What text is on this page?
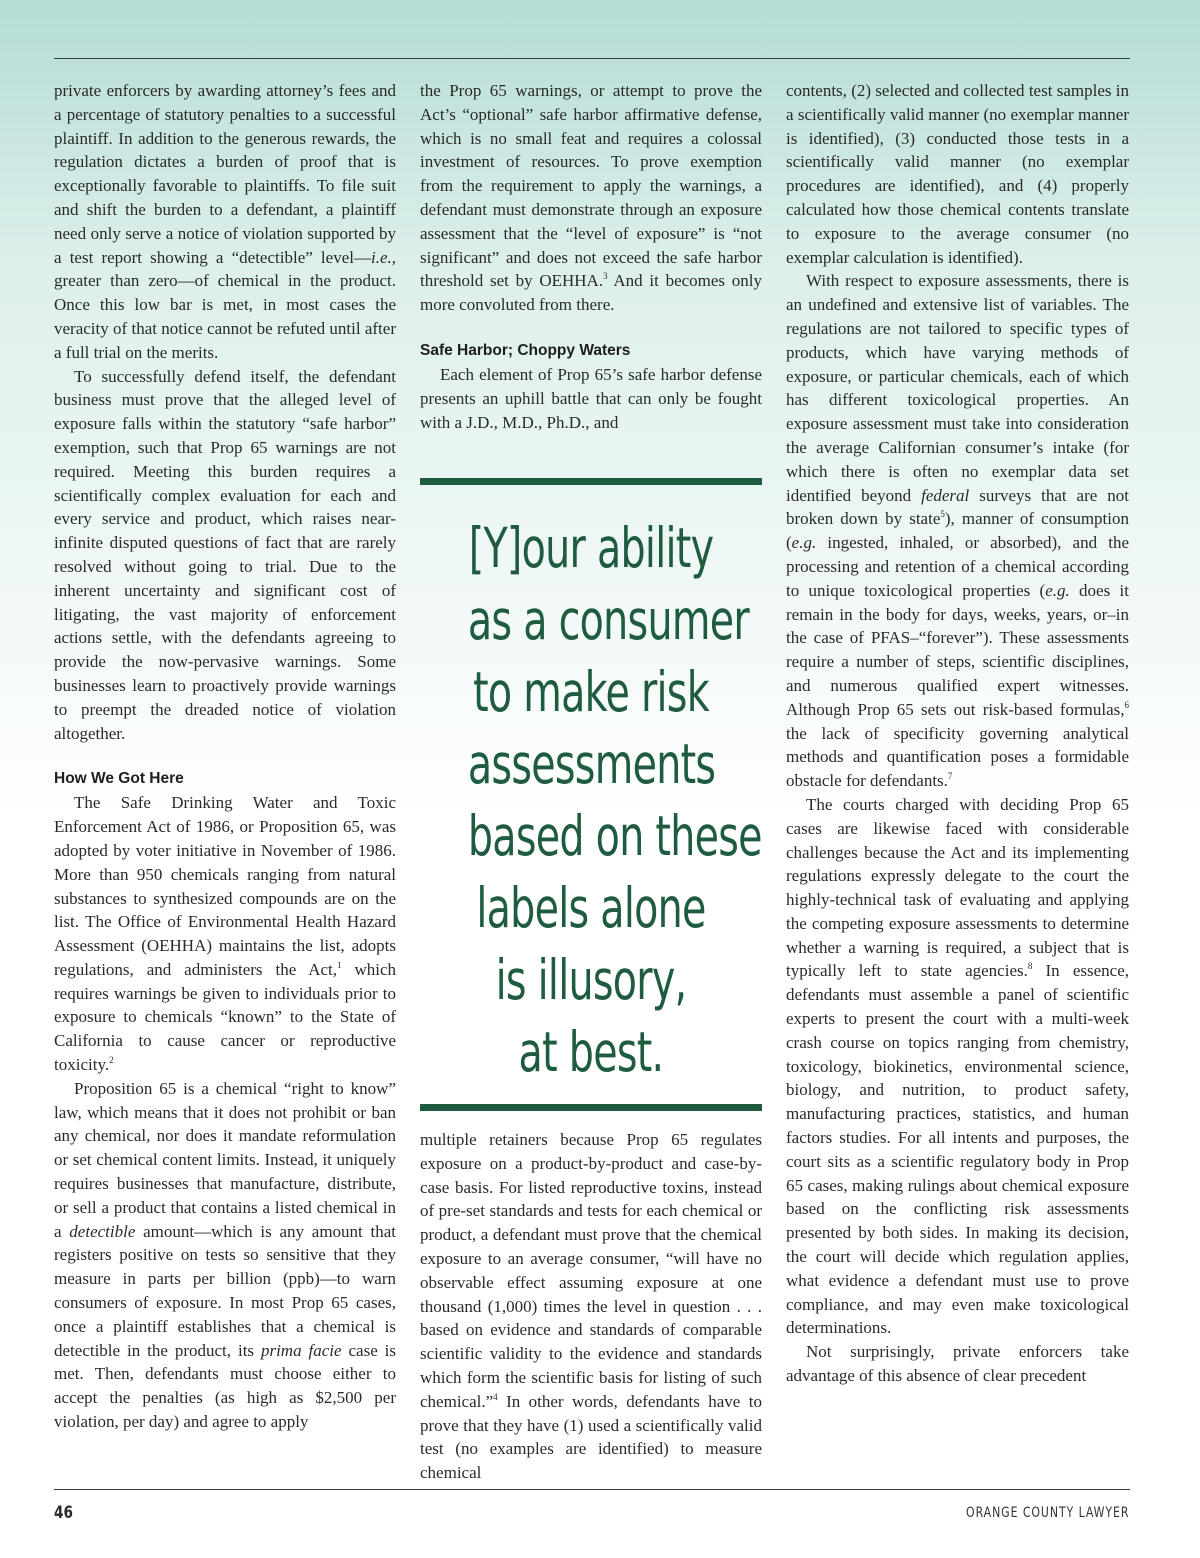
private enforcers by awarding attorney’s fees and a percentage of statutory penalties to a successful plaintiff. In addition to the generous rewards, the regulation dictates a burden of proof that is exceptionally favorable to plaintiffs. To file suit and shift the burden to a defendant, a plaintiff need only serve a notice of violation supported by a test report showing a “detectible” level—i.e., greater than zero—of chemical in the product. Once this low bar is met, in most cases the veracity of that notice cannot be refuted until after a full trial on the merits.

To successfully defend itself, the defendant business must prove that the alleged level of exposure falls within the statutory “safe harbor” exemption, such that Prop 65 warnings are not required. Meeting this burden requires a scientifically complex evaluation for each and every service and product, which raises near-infinite disputed questions of fact that are rarely resolved without going to trial. Due to the inherent uncertainty and significant cost of litigating, the vast majority of enforcement actions settle, with the defendants agreeing to provide the now-pervasive warnings. Some businesses learn to proactively provide warnings to preempt the dreaded notice of violation altogether.

How We Got Here

The Safe Drinking Water and Toxic Enforcement Act of 1986, or Proposition 65, was adopted by voter initiative in November of 1986. More than 950 chemicals ranging from natural substances to synthesized compounds are on the list. The Office of Environmental Health Hazard Assessment (OEHHA) maintains the list, adopts regulations, and administers the Act,$^1$ which requires warnings be given to individuals prior to exposure to chemicals “known” to the State of California to cause cancer or reproductive toxicity.$^2$

Proposition 65 is a chemical “right to know” law, which means that it does not prohibit or ban any chemical, nor does it mandate reformulation or set chemical content limits. Instead, it uniquely requires businesses that manufacture, distribute, or sell a product that contains a listed chemical in a detectible amount—which is any amount that registers positive on tests so sensitive that they measure in parts per billion (ppb)—to warn consumers of exposure. In most Prop 65 cases, once a plaintiff establishes that a chemical is detectible in the product, its prima facie case is met. Then, defendants must choose either to accept the penalties (as high as $2,500 per violation, per day) and agree to apply

the Prop 65 warnings, or attempt to prove the Act’s “optional” safe harbor affirmative defense, which is no small feat and requires a colossal investment of resources. To prove exemption from the requirement to apply the warnings, a defendant must demonstrate through an exposure assessment that the “level of exposure” is “not significant” and does not exceed the safe harbor threshold set by OEHHA.$^3$ And it becomes only more convoluted from there.

Safe Harbor; Choppy Waters

Each element of Prop 65’s safe harbor defense presents an uphill battle that can only be fought with a J.D., M.D., Ph.D., and

[Y]our ability
as a consumer
to make risk
assessments
based on these
labels alone
is illusory,
at best.

multiple retainers because Prop 65 regulates exposure on a product-by-product and case-by-case basis. For listed reproductive toxins, instead of pre-set standards and tests for each chemical or product, a defendant must prove that the chemical exposure to an average consumer, “will have no observable effect assuming exposure at one thousand (1,000) times the level in question . . . based on evidence and standards of comparable scientific validity to the evidence and standards which form the scientific basis for listing of such chemical.”$^4$ In other words, defendants have to prove that they have (1) used a scientifically valid test (no examples are identified) to measure chemical

contents, (2) selected and collected test samples in a scientifically valid manner (no exemplar manner is identified), (3) conducted those tests in a scientifically valid manner (no exemplar procedures are identified), and (4) properly calculated how those chemical contents translate to exposure to the average consumer (no exemplar calculation is identified).

With respect to exposure assessments, there is an undefined and extensive list of variables. The regulations are not tailored to specific types of products, which have varying methods of exposure, or particular chemicals, each of which has different toxicological properties. An exposure assessment must take into consideration the average Californian consumer’s intake (for which there is often no exemplar data set identified beyond federal surveys that are not broken down by state$^5$), manner of consumption (e.g. ingested, inhaled, or absorbed), and the processing and retention of a chemical according to unique toxicological properties (e.g. does it remain in the body for days, weeks, years, or–in the case of PFAS–“forever”). These assessments require a number of steps, scientific disciplines, and numerous qualified expert witnesses. Although Prop 65 sets out risk-based formulas,$^6$ the lack of specificity governing analytical methods and quantification poses a formidable obstacle for defendants.$^7$

The courts charged with deciding Prop 65 cases are likewise faced with considerable challenges because the Act and its implementing regulations expressly delegate to the court the highly-technical task of evaluating and applying the competing exposure assessments to determine whether a warning is required, a subject that is typically left to state agencies.$^8$ In essence, defendants must assemble a panel of scientific experts to present the court with a multi-week crash course on topics ranging from chemistry, toxicology, biokinetics, environmental science, biology, and nutrition, to product safety, manufacturing practices, statistics, and human factors studies. For all intents and purposes, the court sits as a scientific regulatory body in Prop 65 cases, making rulings about chemical exposure based on the conflicting risk assessments presented by both sides. In making its decision, the court will decide which regulation applies, what evidence a defendant must use to prove compliance, and may even make toxicological determinations.

Not surprisingly, private enforcers take advantage of this absence of clear precedent

46	ORANGE COUNTY LAWYER
